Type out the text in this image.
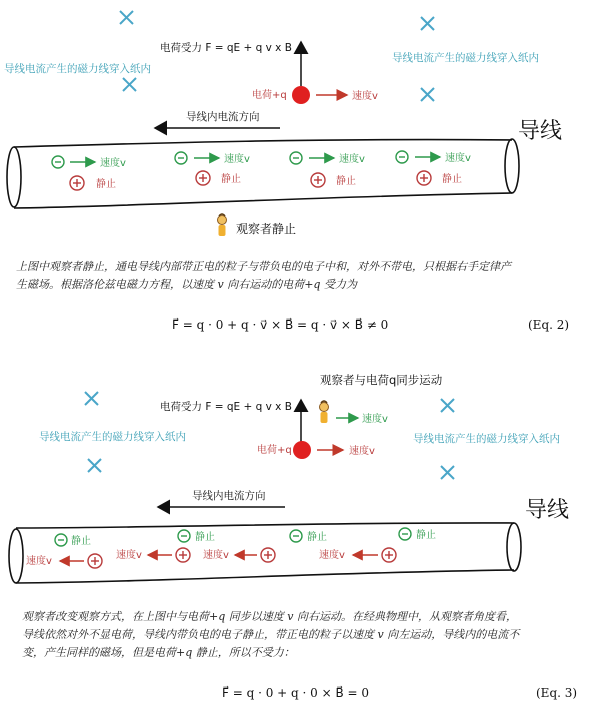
导线电流产生的磁力线穿入纸内
导线电流产生的磁力线穿入纸内
电荷受力 F = qE + q v x B
电荷+q	速度v
导线内电流方向
导线
速度v
静止
速度v
静止
速度v
静止
速度v
静止
观察者静止
上图中观察者静止，通电导线内部带正电的粒子与带负电的电子中和，对外不带电，只根据右手定律产
生磁场。根据洛伦兹电磁力方程，以速度 v 向右运动的电荷+q 受力为
F⃗ = q · 0 + q · v⃗ × B⃗ = q · v⃗ × B⃗ ≠ 0	(Eq. 2)
观察者与电荷q同步运动
电荷受力 F = qE + q v x B
速度v
导线电流产生的磁力线穿入纸内	导线电流产生的磁力线穿入纸内
电荷+q	速度v
导线内电流方向
导线
静止
速度v
静止
速度v
静止
速度v
静止
速度v
观察者改变观察方式，在上图中与电荷+q 同步以速度 v 向右运动。在经典物理中，从观察者角度看，
导线依然对外不显电荷，导线内带负电的电子静止，带正电的粒子以速度 v 向左运动，导线内的电流不
变，产生同样的磁场，但是电荷+q 静止，所以不受力：
F⃗ = q · 0 + q · 0 × B⃗ = 0	(Eq. 3)
